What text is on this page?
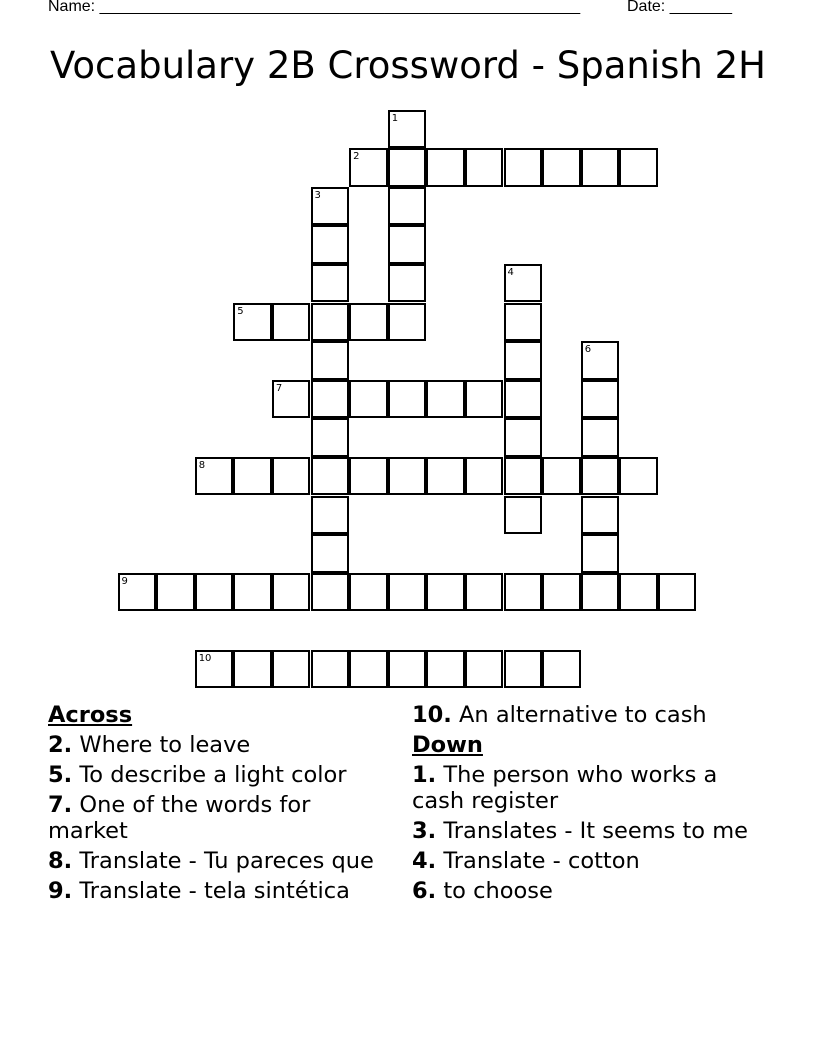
Name: ______________________________________________________	Date: _______
Vocabulary 2B Crossword - Spanish 2H
1
2
3
4
5
6
7
8
9
10
Across
2. Where to leave
5. To describe a light color
7. One of the words for market
8. Translate - Tu pareces que
9. Translate - tela sintética
10. An alternative to cash
Down
1. The person who works a cash register
3. Translates - It seems to me
4. Translate - cotton
6. to choose
